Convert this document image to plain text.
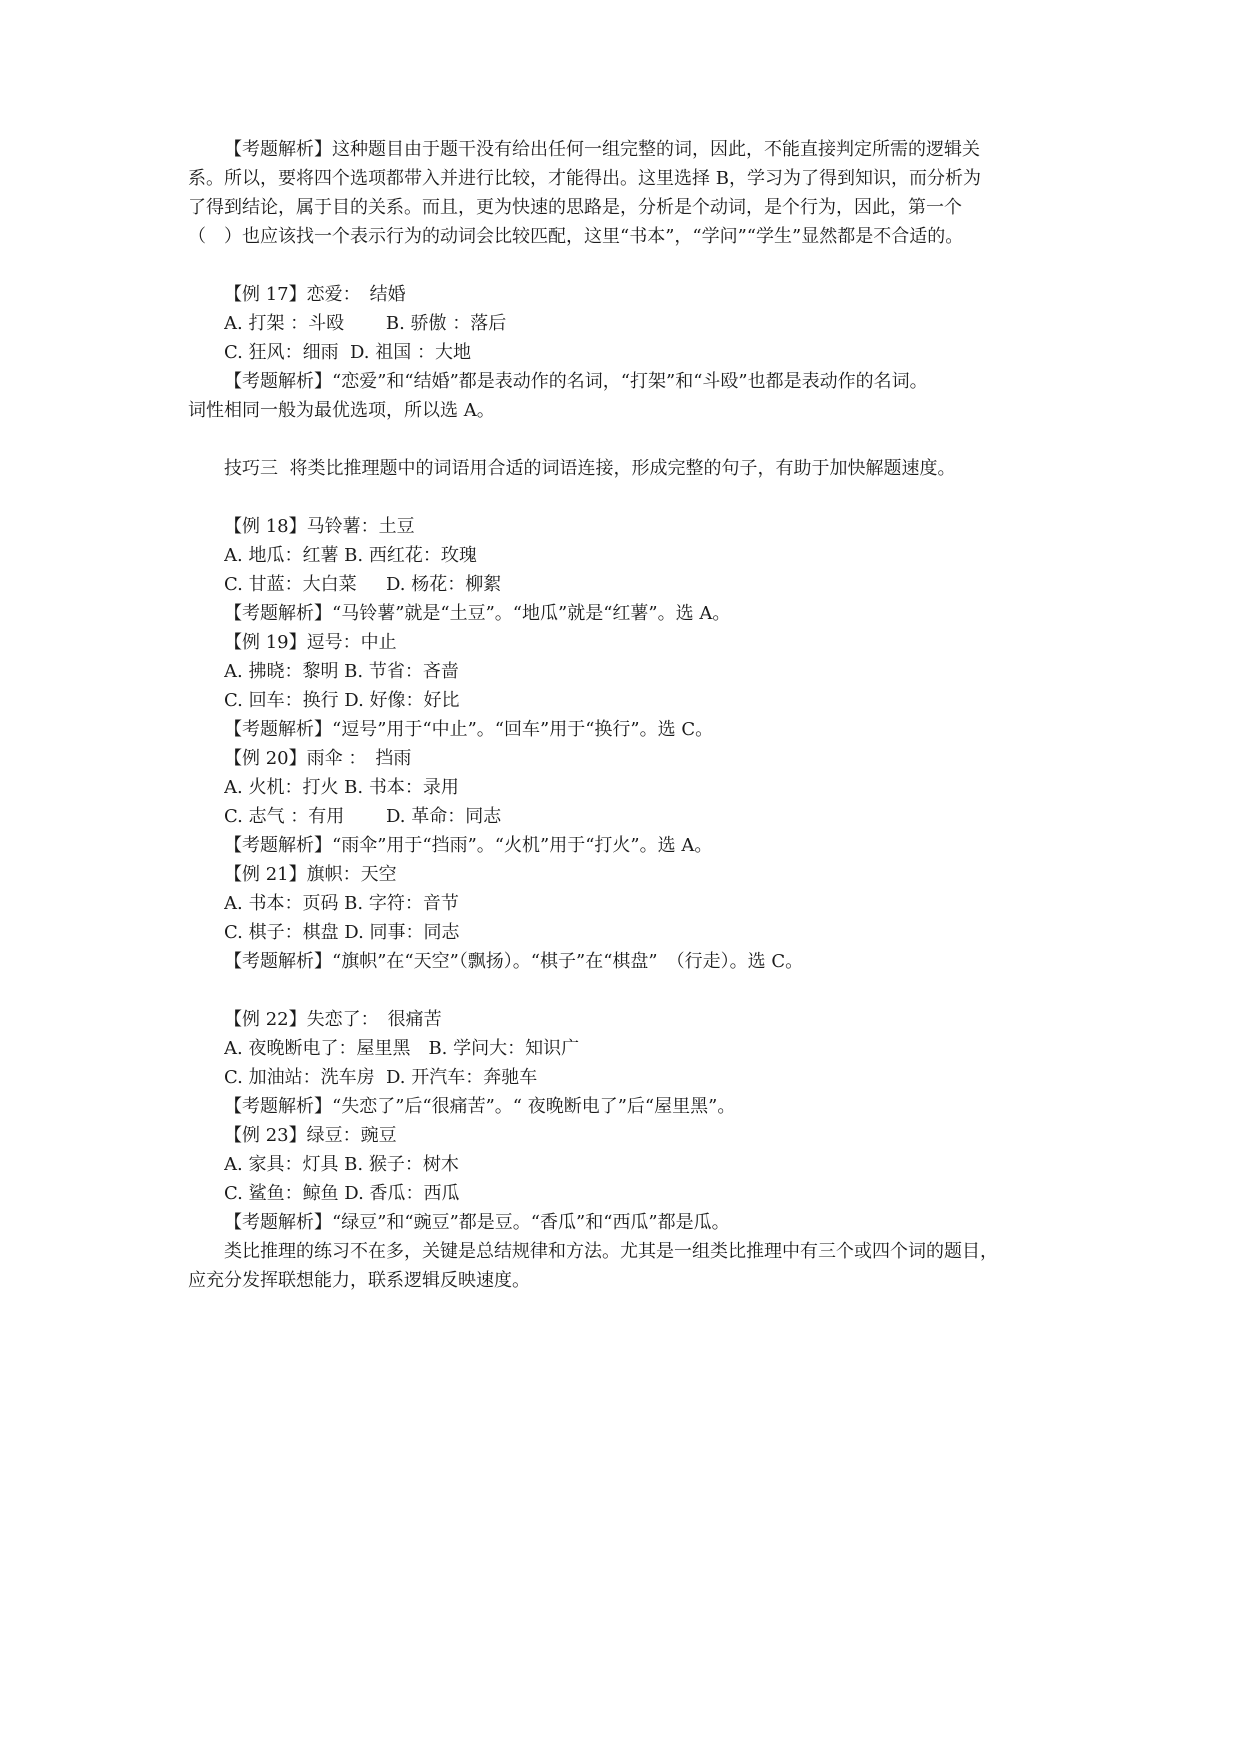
【考题解析】这种题目由于题干没有给出任何一组完整的词，因此，不能直接判定所需的逻辑关
系。所以，要将四个选项都带入并进行比较，才能得出。这里选择 B，学习为了得到知识，而分析为
了得到结论，属于目的关系。而且，更为快速的思路是，分析是个动词，是个行为，因此，第一个
（　）也应该找一个表示行为的动词会比较匹配，这里“书本”，“学问”“学生”显然都是不合适的。
【例 17】恋爱：　结婚
A. 打架 ：斗殴　　 B. 骄傲 ：落后
C. 狂风：细雨  D. 祖国 ：大地
【考题解析】“恋爱”和“结婚”都是表动作的名词，“打架”和“斗殴”也都是表动作的名词。
词性相同一般为最优选项，所以选 A。
技巧三  将类比推理题中的词语用合适的词语连接，形成完整的句子，有助于加快解题速度。
【例 18】马铃薯：土豆
A. 地瓜：红薯 B. 西红花：玫瑰
C. 甘蓝：大白菜　  D. 杨花：柳絮
【考题解析】“马铃薯”就是“土豆”。“地瓜”就是“红薯”。选 A。
【例 19】逗号：中止
A. 拂晓：黎明 B. 节省：吝啬
C. 回车：换行 D. 好像：好比
【考题解析】“逗号”用于“中止”。“回车”用于“换行”。选 C。
【例 20】雨伞 ：　挡雨
A. 火机：打火 B. 书本：录用
C. 志气 ：有用　　 D. 革命：同志
【考题解析】“雨伞”用于“挡雨”。“火机”用于“打火”。选 A。
【例 21】旗帜：天空
A. 书本：页码 B. 字符：音节
C. 棋子：棋盘 D. 同事：同志
【考题解析】“旗帜”在“天空”（飘扬）。“棋子”在“棋盘”　（行走）。选 C。
【例 22】失恋了：　很痛苦
A. 夜晚断电了：屋里黑　B. 学问大：知识广
C. 加油站：洗车房  D. 开汽车：奔驰车
【考题解析】“失恋了”后“很痛苦”。“ 夜晚断电了”后“屋里黑”。
【例 23】绿豆：豌豆
A. 家具：灯具 B. 猴子：树木
C. 鲨鱼：鲸鱼 D. 香瓜：西瓜
【考题解析】“绿豆”和“豌豆”都是豆。“香瓜”和“西瓜”都是瓜。
类比推理的练习不在多，关键是总结规律和方法。尤其是一组类比推理中有三个或四个词的题目，
应充分发挥联想能力，联系逻辑反映速度。
